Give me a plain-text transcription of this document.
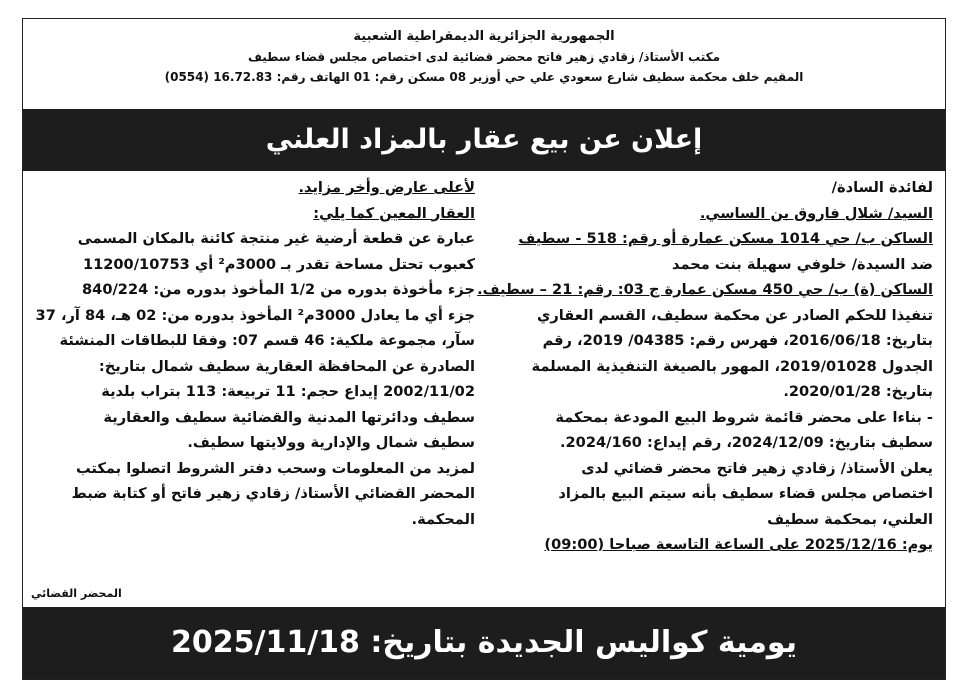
الجمهورية الجزائرية الديمقراطية الشعبية
مكتب الأستاذ/ زقادي زهير فاتح محضر قضائية لدى اختصاص مجلس قضاء سطيف
المقيم خلف محكمة سطيف شارع سعودي علي حي أوزير 08 مسكن رقم: 01 الهاتف رقم: 16.72.83 (0554)
إعلان عن بيع عقار بالمزاد العلني
لفائدة السادة/
السيد/ شلال فاروق بن الساسي.
الساكن ب/ حي 1014 مسكن عمارة أو رقم: 518 - سطيف
ضد السيدة/ خلوفي سهيلة بنت محمد
الساكن (ة) ب/ حي 450 مسكن عمارة ج 03: رقم: 21 – سطيف.
تنفيذا للحكم الصادر عن محكمة سطيف، القسم العقاري
بتاريخ: 2016/06/18، فهرس رقم: 04385/ 2019، رقم
الجدول 2019/01028، المهور بالصيغة التنفيذية المسلمة
بتاريخ: 2020/01/28.
- بناءا على محضر قائمة شروط البيع المودعة بمحكمة
سطيف بتاريخ: 2024/12/09، رقم إيداع: 2024/160.
يعلن الأستاذ/ زقادي زهير فاتح محضر قضائي لدى
اختصاص مجلس قضاء سطيف بأنه سيتم البيع بالمزاد
العلني، بمحكمة سطيف
يوم: 2025/12/16 على الساعة التاسعة صباحا (09:00)
لأعلى عارض وأخر مزايد.
العقار المعين كما يلي:
عبارة عن قطعة أرضية غير منتجة كائنة بالمكان المسمى
كعبوب تحتل مساحة تقدر بـ 3000م² أي 11200/10753
جزء مأخوذة بدوره من 1/2 المأخوذ بدوره من: 840/224
جزء أي ما يعادل 3000م² المأخوذ بدوره من: 02 هـ، 84 آر، 37
سآر، مجموعة ملكية: 46 قسم 07: وفقا للبطاقات المنشئة
الصادرة عن المحافظة العقارية سطيف شمال بتاريخ:
2002/11/02 إيداع حجم: 11 تربيعة: 113 بتراب بلدية
سطيف ودائرتها المدنية والقضائية سطيف والعقارية
سطيف شمال والإدارية وولايتها سطيف.
لمزيد من المعلومات وسحب دفتر الشروط اتصلوا بمكتب
المحضر القضائي الأستاذ/ زقادي زهير فاتح أو كتابة ضبط
المحكمة.
المحضر القضائي
يومية كواليس الجديدة بتاريخ: 2025/11/18
